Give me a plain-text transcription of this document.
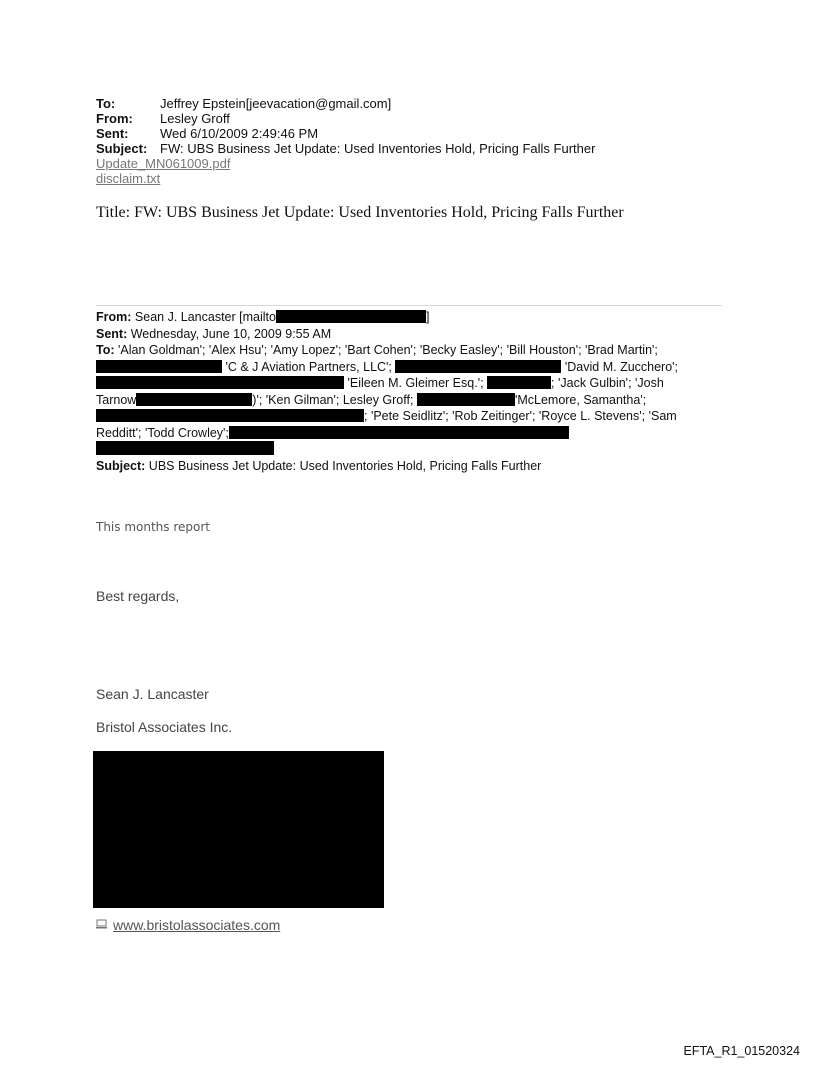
To:	Jeffrey Epstein[jeevacation@gmail.com]
From:	Lesley Groff
Sent:	Wed 6/10/2009 2:49:46 PM
Subject: FW: UBS Business Jet Update: Used Inventories Hold, Pricing Falls Further
Update_MN061009.pdf
disclaim.txt
Title: FW: UBS Business Jet Update: Used Inventories Hold, Pricing Falls Further
From: Sean J. Lancaster [mailto	]
Sent: Wednesday, June 10, 2009 9:55 AM
To: 'Alan Goldman'; 'Alex Hsu'; 'Amy Lopez'; 'Bart Cohen'; 'Becky Easley'; 'Bill Houston'; 'Brad Martin';
'C & J Aviation Partners, LLC';	'David M. Zucchero';
'Eileen M. Gleimer Esq.';	; 'Jack Gulbin'; 'Josh
Tarnow	)'; 'Ken Gilman'; Lesley Groff;	'McLemore, Samantha';
; 'Pete Seidlitz'; 'Rob Zeitinger'; 'Royce L. Stevens'; 'Sam
Redditt'; 'Todd Crowley';
Subject: UBS Business Jet Update: Used Inventories Hold, Pricing Falls Further
This months report
Best regards,
Sean J. Lancaster
Bristol Associates Inc.
www.bristolassociates.com
EFTA_R1_01520324
